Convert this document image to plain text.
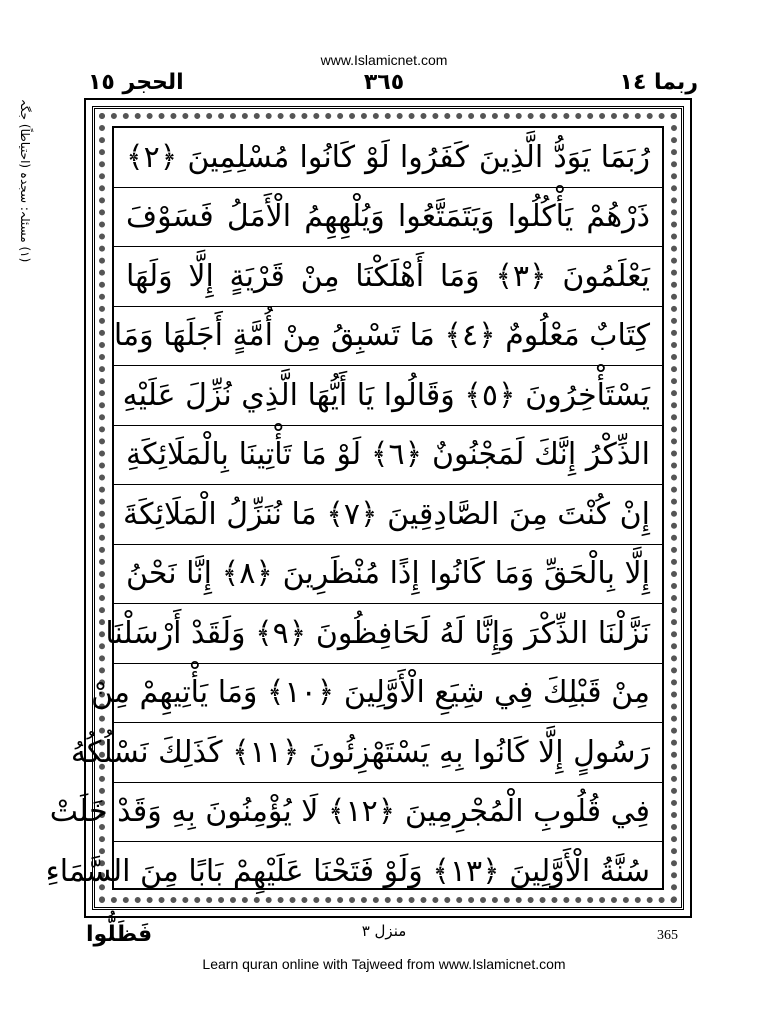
www.Islamicnet.com
الحجر ١٥	٣٦٥	ربما ١٤
(١) مسئلہ: سجدہ (احتیاطاً) جگہ
رُبَمَا يَوَدُّ الَّذِينَ كَفَرُوا لَوْ كَانُوا مُسْلِمِينَ ﴿٢﴾
ذَرْهُمْ يَأْكُلُوا وَيَتَمَتَّعُوا وَيُلْهِهِمُ الْأَمَلُ فَسَوْفَ
يَعْلَمُونَ ﴿٣﴾ وَمَا أَهْلَكْنَا مِنْ قَرْيَةٍ إِلَّا وَلَهَا
كِتَابٌ مَعْلُومٌ ﴿٤﴾ مَا تَسْبِقُ مِنْ أُمَّةٍ أَجَلَهَا وَمَا
يَسْتَأْخِرُونَ ﴿٥﴾ وَقَالُوا يَا أَيُّهَا الَّذِي نُزِّلَ عَلَيْهِ
الذِّكْرُ إِنَّكَ لَمَجْنُونٌ ﴿٦﴾ لَوْ مَا تَأْتِينَا بِالْمَلَائِكَةِ
إِنْ كُنْتَ مِنَ الصَّادِقِينَ ﴿٧﴾ مَا نُنَزِّلُ الْمَلَائِكَةَ
إِلَّا بِالْحَقِّ وَمَا كَانُوا إِذًا مُنْظَرِينَ ﴿٨﴾ إِنَّا نَحْنُ
نَزَّلْنَا الذِّكْرَ وَإِنَّا لَهُ لَحَافِظُونَ ﴿٩﴾ وَلَقَدْ أَرْسَلْنَا
مِنْ قَبْلِكَ فِي شِيَعِ الْأَوَّلِينَ ﴿١٠﴾ وَمَا يَأْتِيهِمْ مِنْ
رَسُولٍ إِلَّا كَانُوا بِهِ يَسْتَهْزِئُونَ ﴿١١﴾ كَذَلِكَ نَسْلُكُهُ
فِي قُلُوبِ الْمُجْرِمِينَ ﴿١٢﴾ لَا يُؤْمِنُونَ بِهِ وَقَدْ خَلَتْ
سُنَّةُ الْأَوَّلِينَ ﴿١٣﴾ وَلَوْ فَتَحْنَا عَلَيْهِمْ بَابًا مِنَ السَّمَاءِ
فَظَلُّوا	منزل ٣	365
Learn quran online with Tajweed from www.Islamicnet.com
